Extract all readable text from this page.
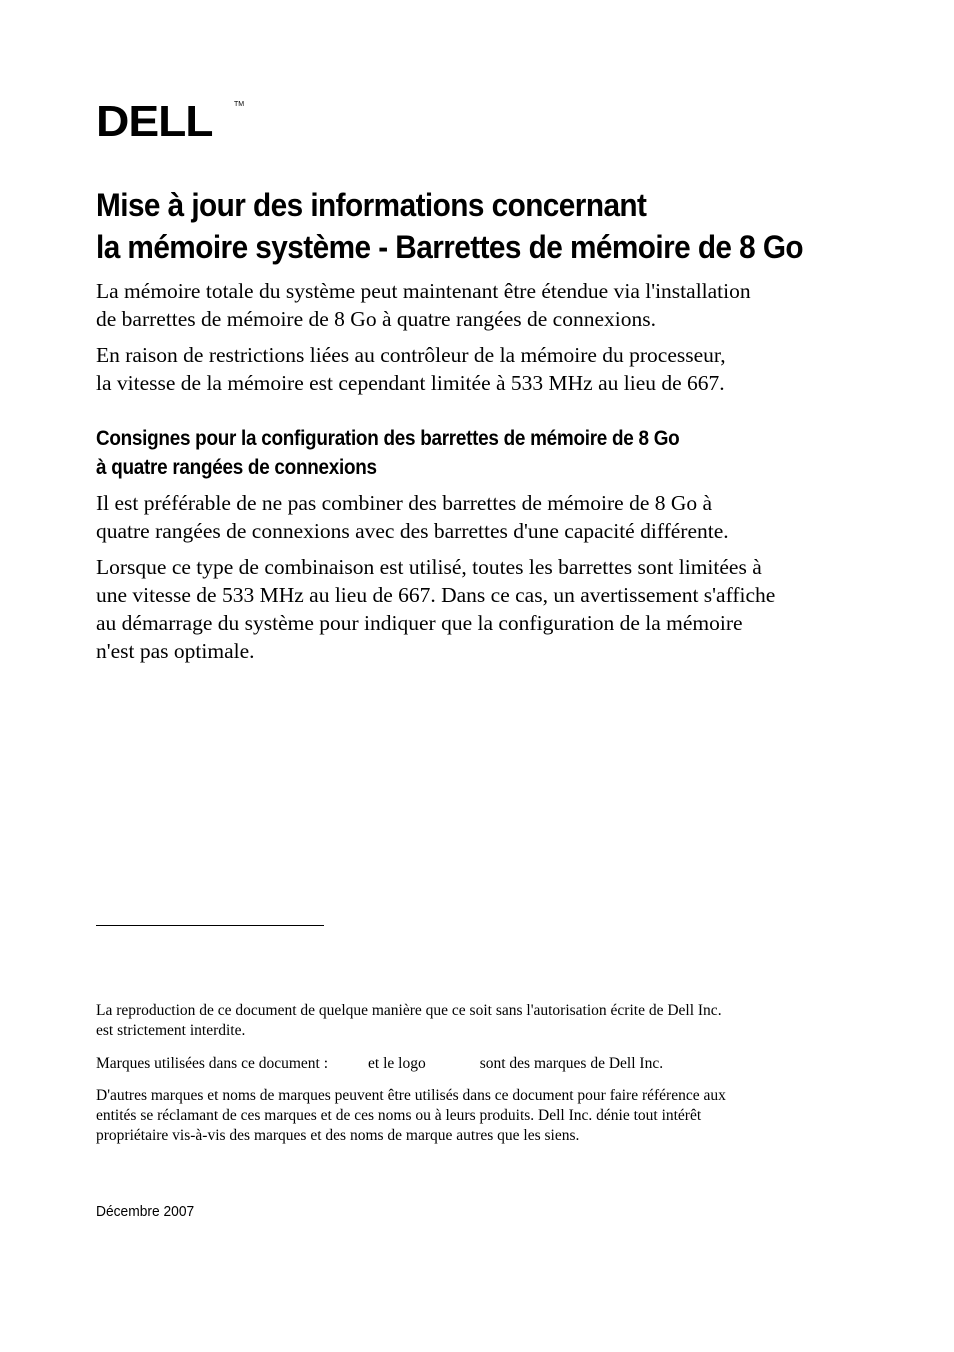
DELL	TM
Mise à jour des informations concernant
la mémoire système - Barrettes de mémoire de 8 Go

La mémoire totale du système peut maintenant être étendue via l'installation
de barrettes de mémoire de 8 Go à quatre rangées de connexions.

En raison de restrictions liées au contrôleur de la mémoire du processeur,
la vitesse de la mémoire est cependant limitée à 533 MHz au lieu de 667.

Consignes pour la configuration des barrettes de mémoire de 8 Go
à quatre rangées de connexions

Il est préférable de ne pas combiner des barrettes de mémoire de 8 Go à
quatre rangées de connexions avec des barrettes d'une capacité différente.

Lorsque ce type de combinaison est utilisé, toutes les barrettes sont limitées à
une vitesse de 533 MHz au lieu de 667. Dans ce cas, un avertissement s'affiche
au démarrage du système pour indiquer que la configuration de la mémoire
n'est pas optimale.

La reproduction de ce document de quelque manière que ce soit sans l'autorisation écrite de Dell Inc.
est strictement interdite.

Marques utilisées dans ce document :	et le logo	sont des marques de Dell Inc.

D'autres marques et noms de marques peuvent être utilisés dans ce document pour faire référence aux
entités se réclamant de ces marques et de ces noms ou à leurs produits. Dell Inc. dénie tout intérêt
propriétaire vis-à-vis des marques et des noms de marque autres que les siens.

Décembre 2007
